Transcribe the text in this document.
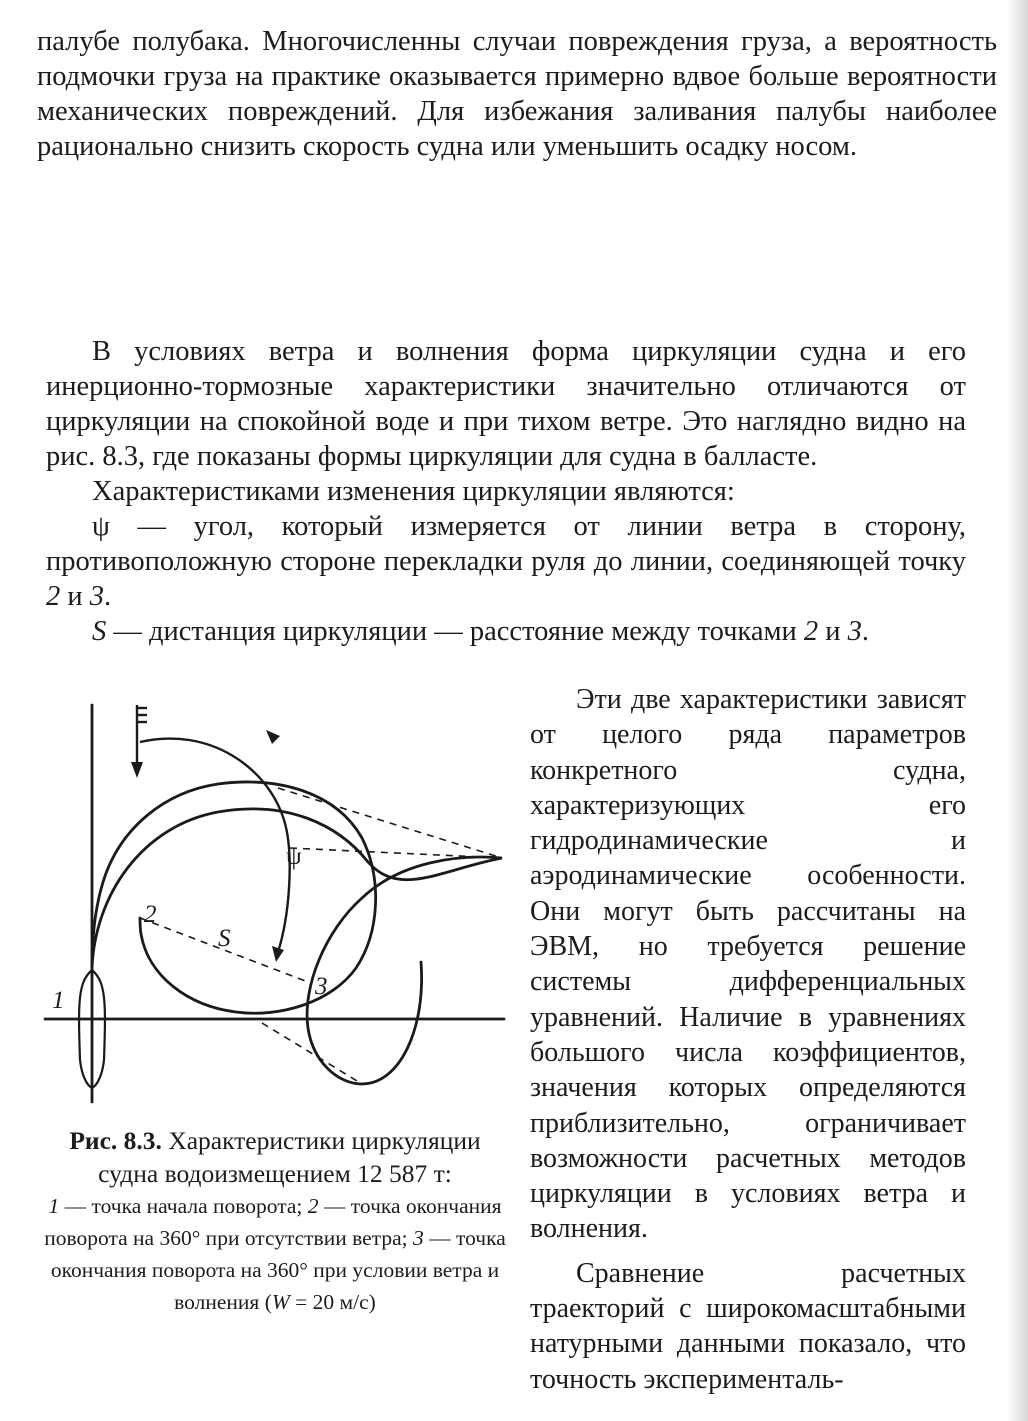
палубе полубака. Многочисленны случаи повреждения груза, а вероятность подмочки груза на практике оказывается примерно вдвое больше вероятности механических повреждений. Для избежания заливания палубы наиболее рационально снизить скорость судна или уменьшить осадку носом.

В условиях ветра и волнения форма циркуляции судна и его инерционно-тормозные характеристики значительно отличаются от циркуляции на спокойной воде и при тихом ветре. Это наглядно видно на рис. 8.3, где показаны формы циркуляции для судна в балласте.

Характеристиками изменения циркуляции являются:

ψ — угол, который измеряется от линии ветра в сторону, противоположную стороне перекладки руля до линии, соединяющей точку 2 и 3.

S — дистанция циркуляции — расстояние между точками 2 и 3.

Эти две характеристики зависят от целого ряда параметров конкретного судна, характеризующих его гидродинамические и аэродинамические особенности. Они могут быть рассчитаны на ЭВМ, но требуется решение системы дифференциальных уравнений. Наличие в уравнениях большого числа коэффициентов, значения которых определяются приблизительно, ограничивает возможности расчетных методов циркуляции в условиях ветра и волнения.

Сравнение расчетных траекторий с широкомасштабными натурными данными показало, что точность эксперименталь-

1
2
3
ψ
S
Рис. 8.3. Характеристики циркуляции судна водоизмещением 12 587 т:
1 — точка начала поворота; 2 — точка окончания поворота на 360° при отсутствии ветра; 3 — точка окончания поворота на 360° при условии ветра и волнения (W = 20 м/с)
